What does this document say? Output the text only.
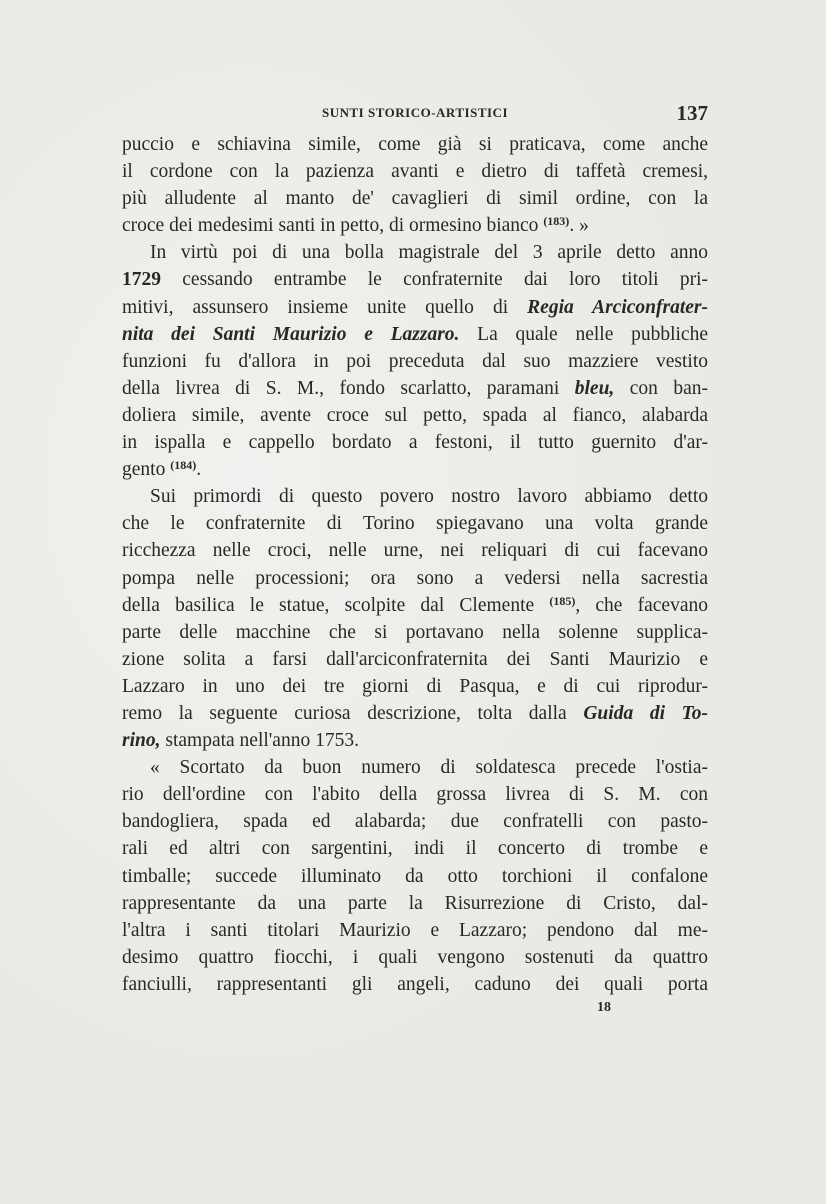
SUNTI STORICO-ARTISTICI	137
puccio e schiavina simile, come già si praticava, come anche
il cordone con la pazienza avanti e dietro di taffetà cremesi,
più alludente al manto de' cavaglieri di simil ordine, con la
croce dei medesimi santi in petto, di ormesino bianco $^{(183)}$. »
In virtù poi di una bolla magistrale del 3 aprile detto anno
1729 cessando entrambe le confraternite dai loro titoli pri-
mitivi, assunsero insieme unite quello di Regia Arciconfrater-
nita dei Santi Maurizio e Lazzaro. La quale nelle pubbliche
funzioni fu d'allora in poi preceduta dal suo mazziere vestito
della livrea di S. M., fondo scarlatto, paramani bleu, con ban-
doliera simile, avente croce sul petto, spada al fianco, alabarda
in ispalla e cappello bordato a festoni, il tutto guernito d'ar-
gento $^{(184)}$.
Sui primordi di questo povero nostro lavoro abbiamo detto
che le confraternite di Torino spiegavano una volta grande
ricchezza nelle croci, nelle urne, nei reliquari di cui facevano
pompa nelle processioni; ora sono a vedersi nella sacrestia
della basilica le statue, scolpite dal Clemente $^{(185)}$, che facevano
parte delle macchine che si portavano nella solenne supplica-
zione solita a farsi dall'arciconfraternita dei Santi Maurizio e
Lazzaro in uno dei tre giorni di Pasqua, e di cui riprodur-
remo la seguente curiosa descrizione, tolta dalla Guida di To-
rino, stampata nell'anno 1753.
« Scortato da buon numero di soldatesca precede l'ostia-
rio dell'ordine con l'abito della grossa livrea di S. M. con
bandogliera, spada ed alabarda; due confratelli con pasto-
rali ed altri con sargentini, indi il concerto di trombe e
timballe; succede illuminato da otto torchioni il confalone
rappresentante da una parte la Risurrezione di Cristo, dal-
l'altra i santi titolari Maurizio e Lazzaro; pendono dal me-
desimo quattro fiocchi, i quali vengono sostenuti da quattro
fanciulli, rappresentanti gli angeli, caduno dei quali porta
18
